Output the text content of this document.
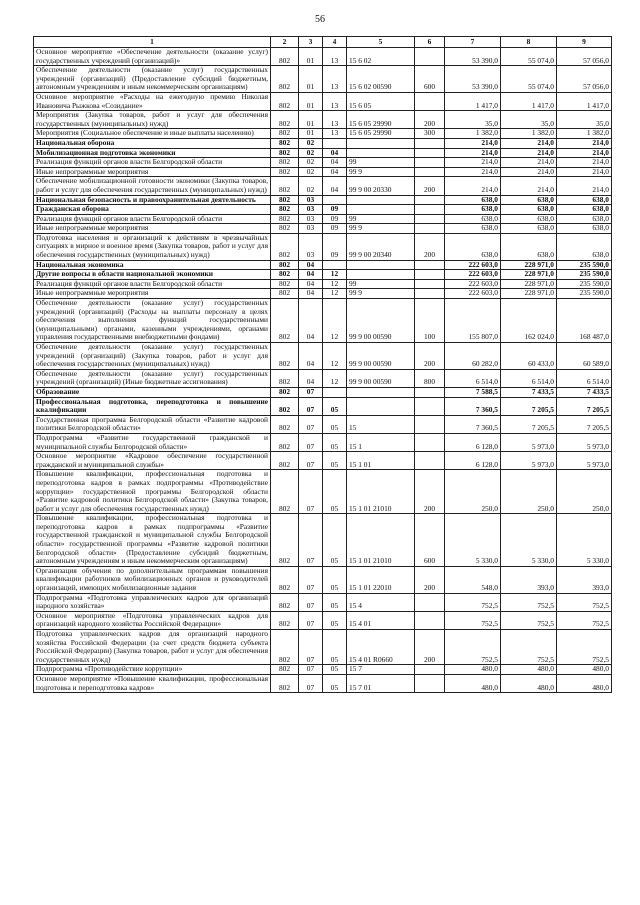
56
1	2	3	4	5	6	7	8	9
Основное мероприятие «Обеспечение деятельности (оказание услуг) государственных учреждений (организаций)»	802	01	13	15 6 02		53 390,0	55 074,0	57 056,0
Обеспечение деятельности (оказание услуг) государственных учреждений (организаций) (Предоставление субсидий бюджетным, автономным учреждениям и иным некоммерческим организациям)	802	01	13	15 6 02 00590	600	53 390,0	55 074,0	57 056,0
Основное мероприятие «Расходы на ежегодную премию Николая Ивановича Рыжкова «Созидание»	802	01	13	15 6 05		1 417,0	1 417,0	1 417,0
Мероприятия (Закупка товаров, работ и услуг для обеспечения государственных (муниципальных) нужд)	802	01	13	15 6 05 29990	200	35,0	35,0	35,0
Мероприятия (Социальное обеспечение и иные выплаты населению)	802	01	13	15 6 05 29990	300	1 382,0	1 382,0	1 382,0
Национальная оборона	802	02				214,0	214,0	214,0
Мобилизационная подготовка экономики	802	02	04			214,0	214,0	214,0
Реализация функций органов власти Белгородской области	802	02	04	99		214,0	214,0	214,0
Иные непрограммные мероприятия	802	02	04	99 9		214,0	214,0	214,0
Обеспечение мобилизационной готовности экономики (Закупка товаров, работ и услуг для обеспечения государственных (муниципальных) нужд)	802	02	04	99 9 00 20330	200	214,0	214,0	214,0
Национальная безопасность и правоохранительная деятельность	802	03				638,0	638,0	638,0
Гражданская оборона	802	03	09			638,0	638,0	638,0
Реализация функций органов власти Белгородской области	802	03	09	99		638,0	638,0	638,0
Иные непрограммные мероприятия	802	03	09	99 9		638,0	638,0	638,0
Подготовка населения и организаций к действиям в чрезвычайных ситуациях в мирное и военное время (Закупка товаров, работ и услуг для обеспечения государственных (муниципальных) нужд)	802	03	09	99 9 00 20340	200	638,0	638,0	638,0
Национальная экономика	802	04				222 603,0	228 971,0	235 590,0
Другие вопросы в области национальной экономики	802	04	12			222 603,0	228 971,0	235 590,0
Реализация функций органов власти Белгородской области	802	04	12	99		222 603,0	228 971,0	235 590,0
Иные непрограммные мероприятия	802	04	12	99 9		222 603,0	228 971,0	235 590,0
Обеспечение деятельности (оказание услуг) государственных учреждений (организаций) (Расходы на выплаты персоналу в целях обеспечения выполнения функций государственными (муниципальными) органами, казенными учреждениями, органами управления государственными внебюджетными фондами)	802	04	12	99 9 00 00590	100	155 807,0	162 024,0	168 487,0
Обеспечение деятельности (оказание услуг) государственных учреждений (организаций) (Закупка товаров, работ и услуг для обеспечения государственных (муниципальных) нужд)	802	04	12	99 9 00 00590	200	60 282,0	60 433,0	60 589,0
Обеспечение деятельности (оказание услуг) государственных учреждений (организаций) (Иные бюджетные ассигнования)	802	04	12	99 9 00 00590	800	6 514,0	6 514,0	6 514,0
Образование	802	07				7 588,5	7 433,5	7 433,5
Профессиональная подготовка, переподготовка и повышение квалификации	802	07	05			7 360,5	7 205,5	7 205,5
Государственная программа Белгородской области «Развитие кадровой политики Белгородской области»	802	07	05	15		7 360,5	7 205,5	7 205,5
Подпрограмма «Развитие государственной гражданской и муниципальной службы Белгородской области»	802	07	05	15 1		6 128,0	5 973,0	5 973,0
Основное мероприятие «Кадровое обеспечение государственной гражданской и муниципальной службы»	802	07	05	15 1 01		6 128,0	5 973,0	5 973,0
Повышение квалификации, профессиональная подготовка и переподготовка кадров в рамках подпрограммы «Противодействие коррупции» государственной программы Белгородской области «Развитие кадровой политики Белгородской области» (Закупка товаров, работ и услуг для обеспечения государственных нужд)	802	07	05	15 1 01 21010	200	250,0	250,0	250,0
Повышение квалификации, профессиональная подготовка и переподготовка кадров в рамках подпрограммы «Развитие государственной гражданской и муниципальной службы Белгородской области» государственной программы «Развитие кадровой политики Белгородской области» (Предоставление субсидий бюджетным, автономным учреждениям и иным некоммерческим организациям)	802	07	05	15 1 01 21010	600	5 330,0	5 330,0	5 330,0
Организация обучения по дополнительным программам повышения квалификации работников мобилизационных органов и руководителей организаций, имеющих мобилизационные задания	802	07	05	15 1 01 22010	200	548,0	393,0	393,0
Подпрограмма «Подготовка управленческих кадров для организаций народного хозяйства»	802	07	05	15 4		752,5	752,5	752,5
Основное мероприятие «Подготовка управленческих кадров для организаций народного хозяйства Российской Федерации»	802	07	05	15 4 01		752,5	752,5	752,5
Подготовка управленческих кадров для организаций народного хозяйства Российской Федерации (за счет средств бюджета субъекта Российской Федерации) (Закупка товаров, работ и услуг для обеспечения государственных нужд)	802	07	05	15 4 01 R0660	200	752,5	752,5	752,5
Подпрограмма «Противодействие коррупции»	802	07	05	15 7		480,0	480,0	480,0
Основное мероприятие «Повышение квалификации, профессиональная подготовка и переподготовка кадров»	802	07	05	15 7 01		480,0	480,0	480,0
